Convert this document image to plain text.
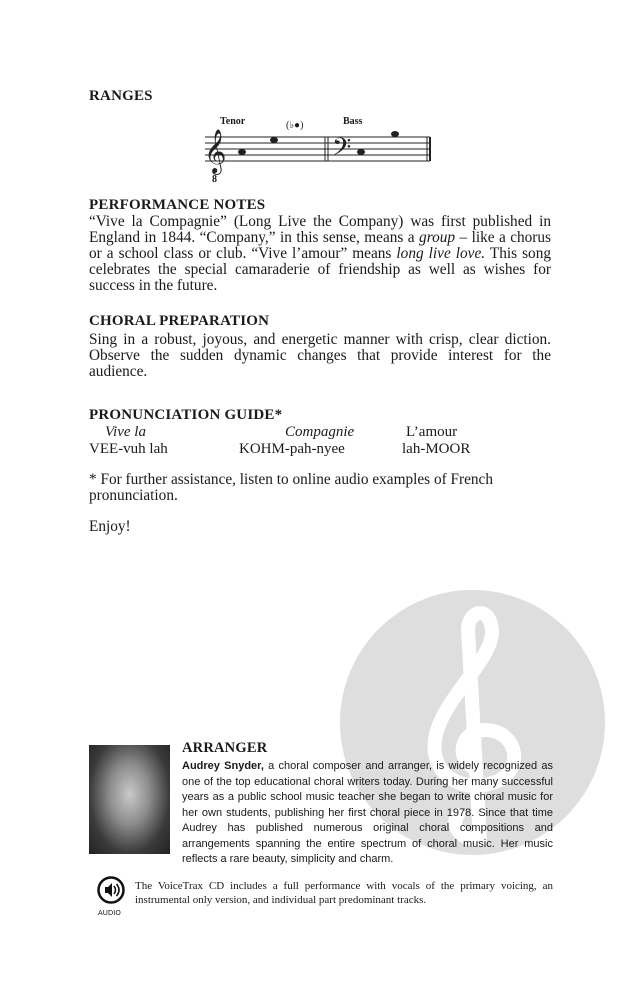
RANGES
𝄞	𝄢
Tenor	Bass
(♭●)
8
PERFORMANCE NOTES
“Vive la Compagnie” (Long Live the Company) was first published in England in 1844. “Company,” in this sense, means a group – like a chorus or a school class or club. “Vive l’amour” means long live love. This song celebrates the special camaraderie of friendship as well as wishes for success in the future.
CHORAL PREPARATION
Sing in a robust, joyous, and energetic manner with crisp, clear diction. Observe the sudden dynamic changes that provide interest for the audience.
PRONUNCIATION GUIDE*
Vive la	Compagnie	L’amour
VEE-vuh lah	KOHM-pah-nyee	lah-MOOR
* For further assistance, listen to online audio examples of French pronunciation.
Enjoy!
ARRANGER
Audrey Snyder, a choral composer and arranger, is widely recognized as one of the top educational choral writers today. During her many successful years as a public school music teacher she began to write choral music for her own students, publishing her first choral piece in 1978. Since that time Audrey has published numerous original choral compositions and arrangements spanning the entire spectrum of choral music. Her music reflects a rare beauty, simplicity and charm.
AUDIO
The VoiceTrax CD includes a full performance with vocals of the primary voicing, an instrumental only version, and individual part predominant tracks.
